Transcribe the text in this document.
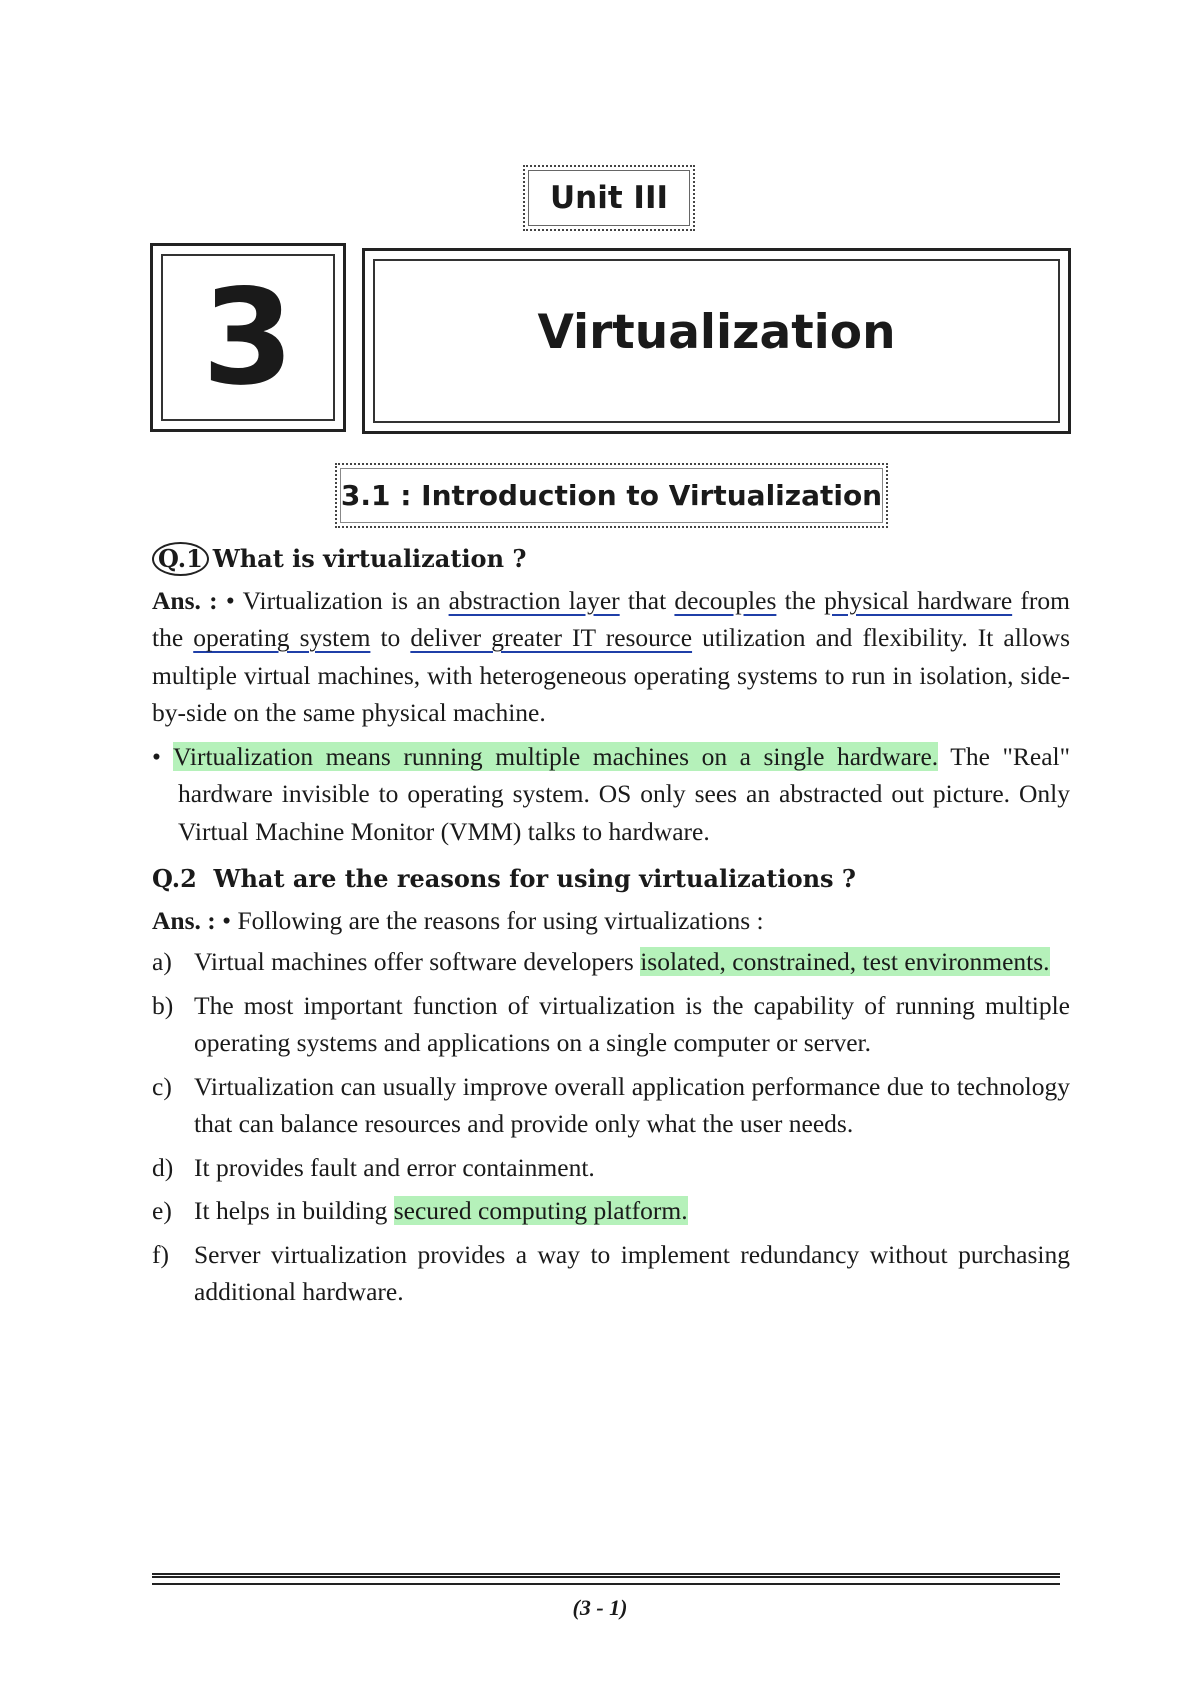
Unit III
3	Virtualization
3.1 : Introduction to Virtualization

Q.1 What is virtualization ?

Ans. : • Virtualization is an abstraction layer that decouples the physical hardware from the operating system to deliver greater IT resource utilization and flexibility. It allows multiple virtual machines, with heterogeneous operating systems to run in isolation, side-by-side on the same physical machine.

• Virtualization means running multiple machines on a single hardware. The "Real" hardware invisible to operating system. OS only sees an abstracted out picture. Only Virtual Machine Monitor (VMM) talks to hardware.

Q.2 What are the reasons for using virtualizations ?

Ans. : • Following are the reasons for using virtualizations :

a) Virtual machines offer software developers isolated, constrained, test environments.
b) The most important function of virtualization is the capability of running multiple operating systems and applications on a single computer or server.
c) Virtualization can usually improve overall application performance due to technology that can balance resources and provide only what the user needs.
d) It provides fault and error containment.
e) It helps in building secured computing platform.
f) Server virtualization provides a way to implement redundancy without purchasing additional hardware.
(3 - 1)
